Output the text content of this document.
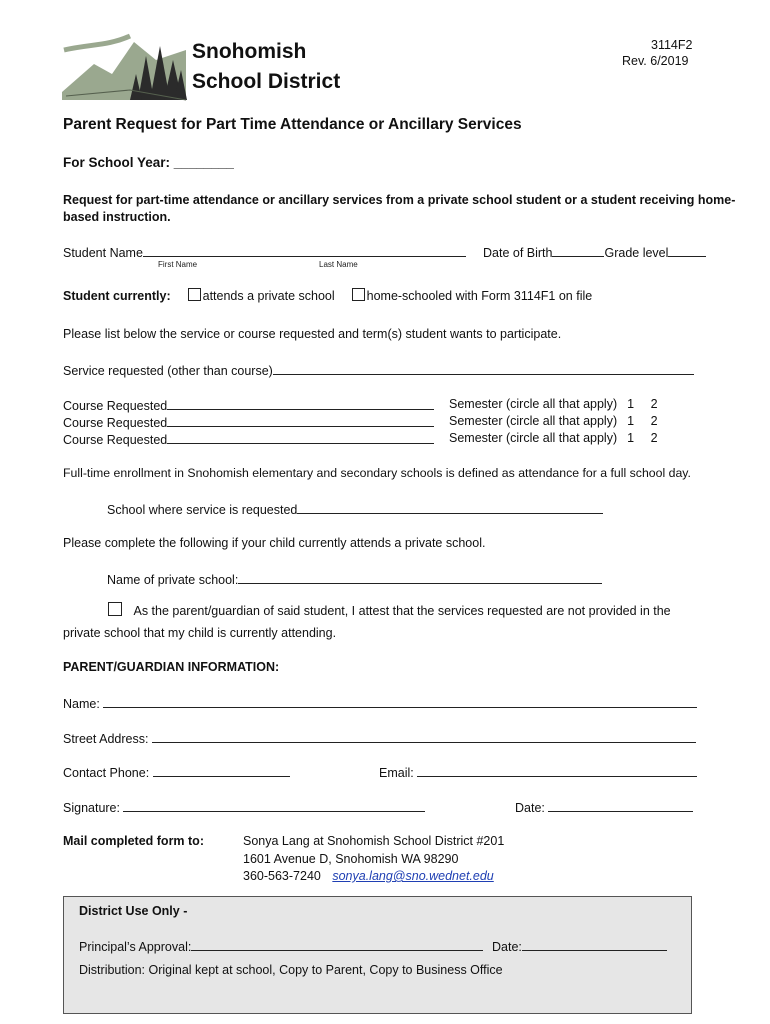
Snohomish
School District
3114F2
Rev. 6/2019
Parent Request for Part Time Attendance or Ancillary Services
For School Year: ________
Request for part-time attendance or ancillary services from a private school student or a student receiving home-
based instruction.
Student Name	Date of Birth	Grade level
First Name	Last Name
Student currently:	attends a private school	home-schooled with Form 3114F1 on file
Please list below the service or course requested and term(s) student wants to participate.
Service requested (other than course)
Course Requested	Semester (circle all that apply) 1 2
Course Requested	Semester (circle all that apply) 1 2
Course Requested	Semester (circle all that apply) 1 2
Full-time enrollment in Snohomish elementary and secondary schools is defined as attendance for a full school day.
School where service is requested
Please complete the following if your child currently attends a private school.
Name of private school:
As the parent/guardian of said student, I attest that the services requested are not provided in the
private school that my child is currently attending.
PARENT/GUARDIAN INFORMATION:
Name:
Street Address:
Contact Phone:	Email:
Signature:	Date:
Mail completed form to:	Sonya Lang at Snohomish School District #201
1601 Avenue D, Snohomish WA 98290
360-563-7240 sonya.lang@sno.wednet.edu
District Use Only -
Principal’s Approval:	Date:
Distribution: Original kept at school, Copy to Parent, Copy to Business Office
